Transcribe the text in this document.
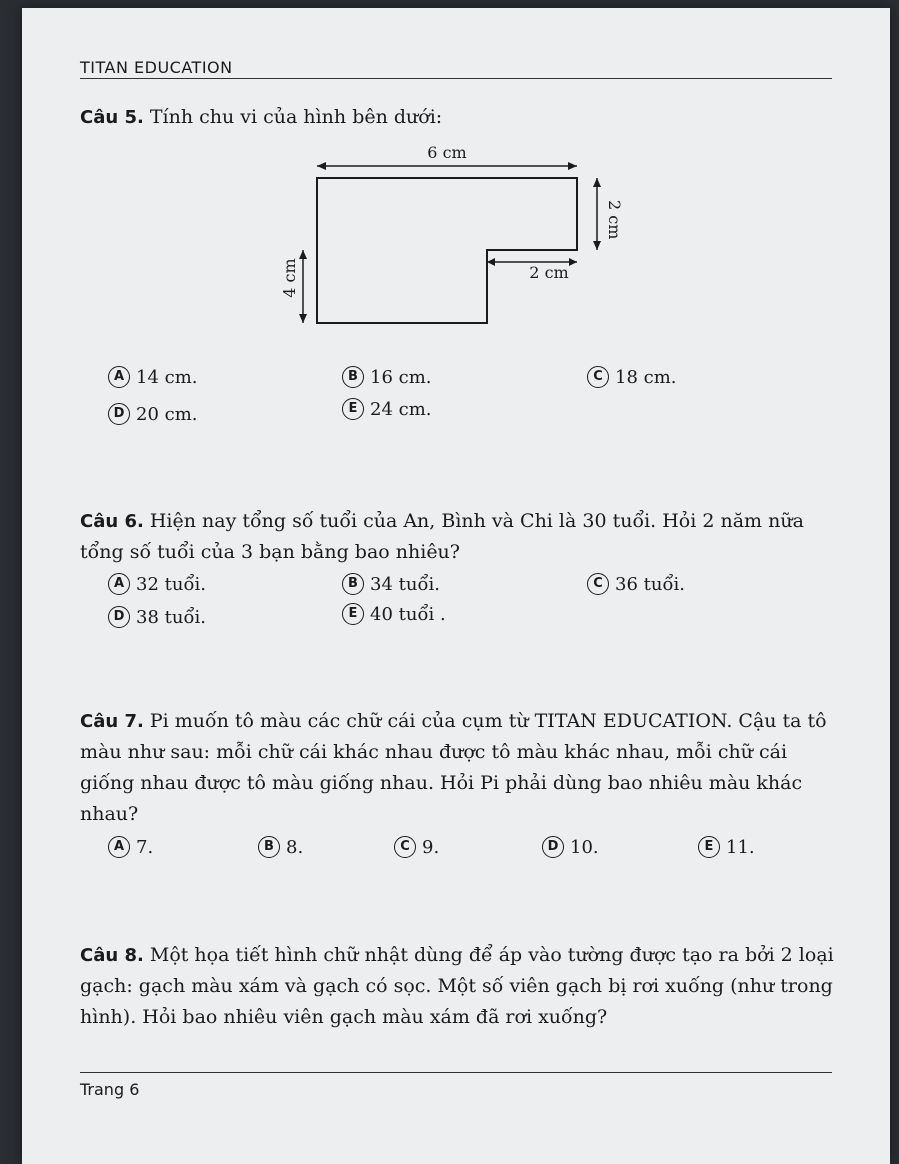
TITAN EDUCATION
Câu 5. Tính chu vi của hình bên dưới:
6 cm
2 cm
2 cm
4 cm
A 14 cm.	B 16 cm.	C 18 cm.
D 20 cm.	E 24 cm.
Câu 6. Hiện nay tổng số tuổi của An, Bình và Chi là 30 tuổi. Hỏi 2 năm nữa tổng số tuổi của 3 bạn bằng bao nhiêu?
A 32 tuổi.	B 34 tuổi.	C 36 tuổi.
D 38 tuổi.	E 40 tuổi .
Câu 7. Pi muốn tô màu các chữ cái của cụm từ TITAN EDUCATION. Cậu ta tô màu như sau: mỗi chữ cái khác nhau được tô màu khác nhau, mỗi chữ cái giống nhau được tô màu giống nhau. Hỏi Pi phải dùng bao nhiêu màu khác nhau?
A 7.	B 8.	C 9.	D 10.	E 11.
Câu 8. Một họa tiết hình chữ nhật dùng để áp vào tường được tạo ra bởi 2 loại gạch: gạch màu xám và gạch có sọc. Một số viên gạch bị rơi xuống (như trong hình). Hỏi bao nhiêu viên gạch màu xám đã rơi xuống?
Trang 6
